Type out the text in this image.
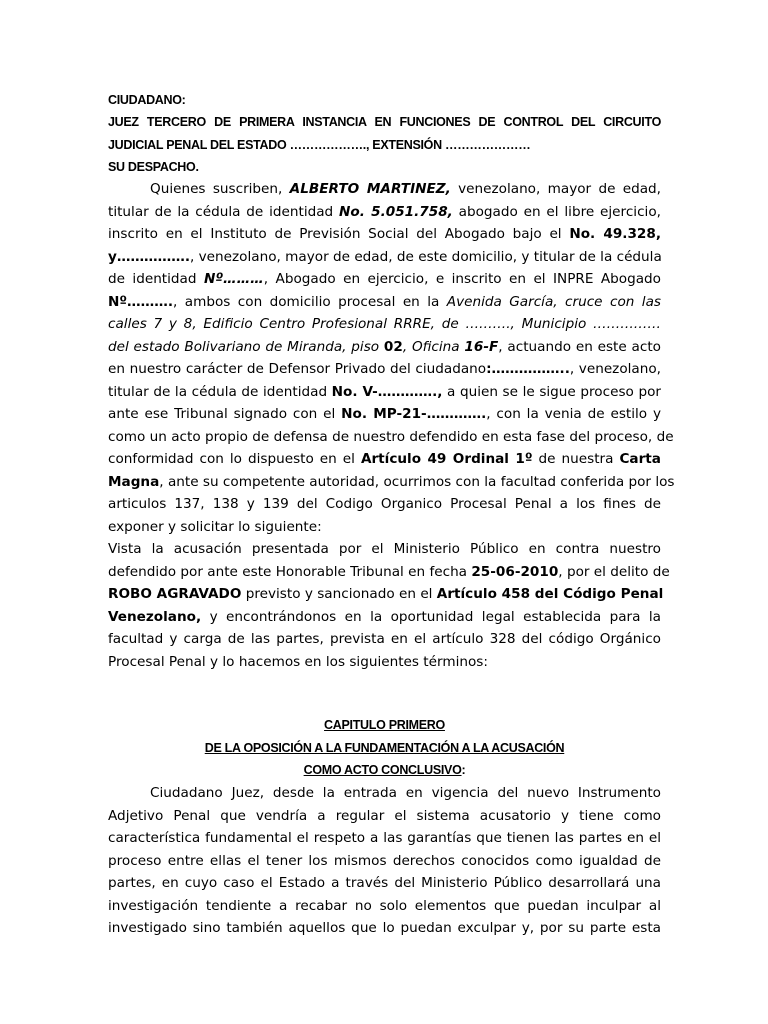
CIUDADANO:
JUEZ TERCERO DE PRIMERA INSTANCIA EN FUNCIONES DE CONTROL DEL CIRCUITO
JUDICIAL PENAL DEL ESTADO ………………., EXTENSIÓN …………………
SU DESPACHO.
Quienes suscriben, ALBERTO MARTINEZ, venezolano, mayor de edad,
titular de la cédula de identidad No. 5.051.758, abogado en el libre ejercicio,
inscrito en el Instituto de Previsión Social del Abogado bajo el No. 49.328,
y……………., venezolano, mayor de edad, de este domicilio, y titular de la cédula
de identidad Nº………, Abogado en ejercicio, e inscrito en el INPRE Abogado
Nº………., ambos con domicilio procesal en la Avenida García, cruce con las
calles 7 y 8, Edificio Centro Profesional RRRE, de ………., Municipio ……………
del estado Bolivariano de Miranda, piso 02, Oficina 16-F, actuando en este acto
en nuestro carácter de Defensor Privado del ciudadano:…………….., venezolano,
titular de la cédula de identidad No. V-…………., a quien se le sigue proceso por
ante ese Tribunal signado con el No. MP-21-…………., con la venia de estilo y
como un acto propio de defensa de nuestro defendido en esta fase del proceso, de
conformidad con lo dispuesto en el Artículo 49 Ordinal 1º de nuestra Carta
Magna, ante su competente autoridad, ocurrimos con la facultad conferida por los
articulos 137, 138 y 139 del Codigo Organico Procesal Penal a los fines de
exponer y solicitar lo siguiente:
Vista la acusación presentada por el Ministerio Público en contra nuestro
defendido por ante este Honorable Tribunal en fecha 25-06-2010, por el delito de
ROBO AGRAVADO previsto y sancionado en el Artículo 458 del Código Penal
Venezolano, y encontrándonos en la oportunidad legal establecida para la
facultad y carga de las partes, prevista en el artículo 328 del código Orgánico
Procesal Penal y lo hacemos en los siguientes términos:
CAPITULO PRIMERO
DE LA OPOSICIÓN A LA FUNDAMENTACIÓN A LA ACUSACIÓN
COMO ACTO CONCLUSIVO:
Ciudadano Juez, desde la entrada en vigencia del nuevo Instrumento
Adjetivo Penal que vendría a regular el sistema acusatorio y tiene como
característica fundamental el respeto a las garantías que tienen las partes en el
proceso entre ellas el tener los mismos derechos conocidos como igualdad de
partes, en cuyo caso el Estado a través del Ministerio Público desarrollará una
investigación tendiente a recabar no solo elementos que puedan inculpar al
investigado sino también aquellos que lo puedan exculpar y, por su parte esta
